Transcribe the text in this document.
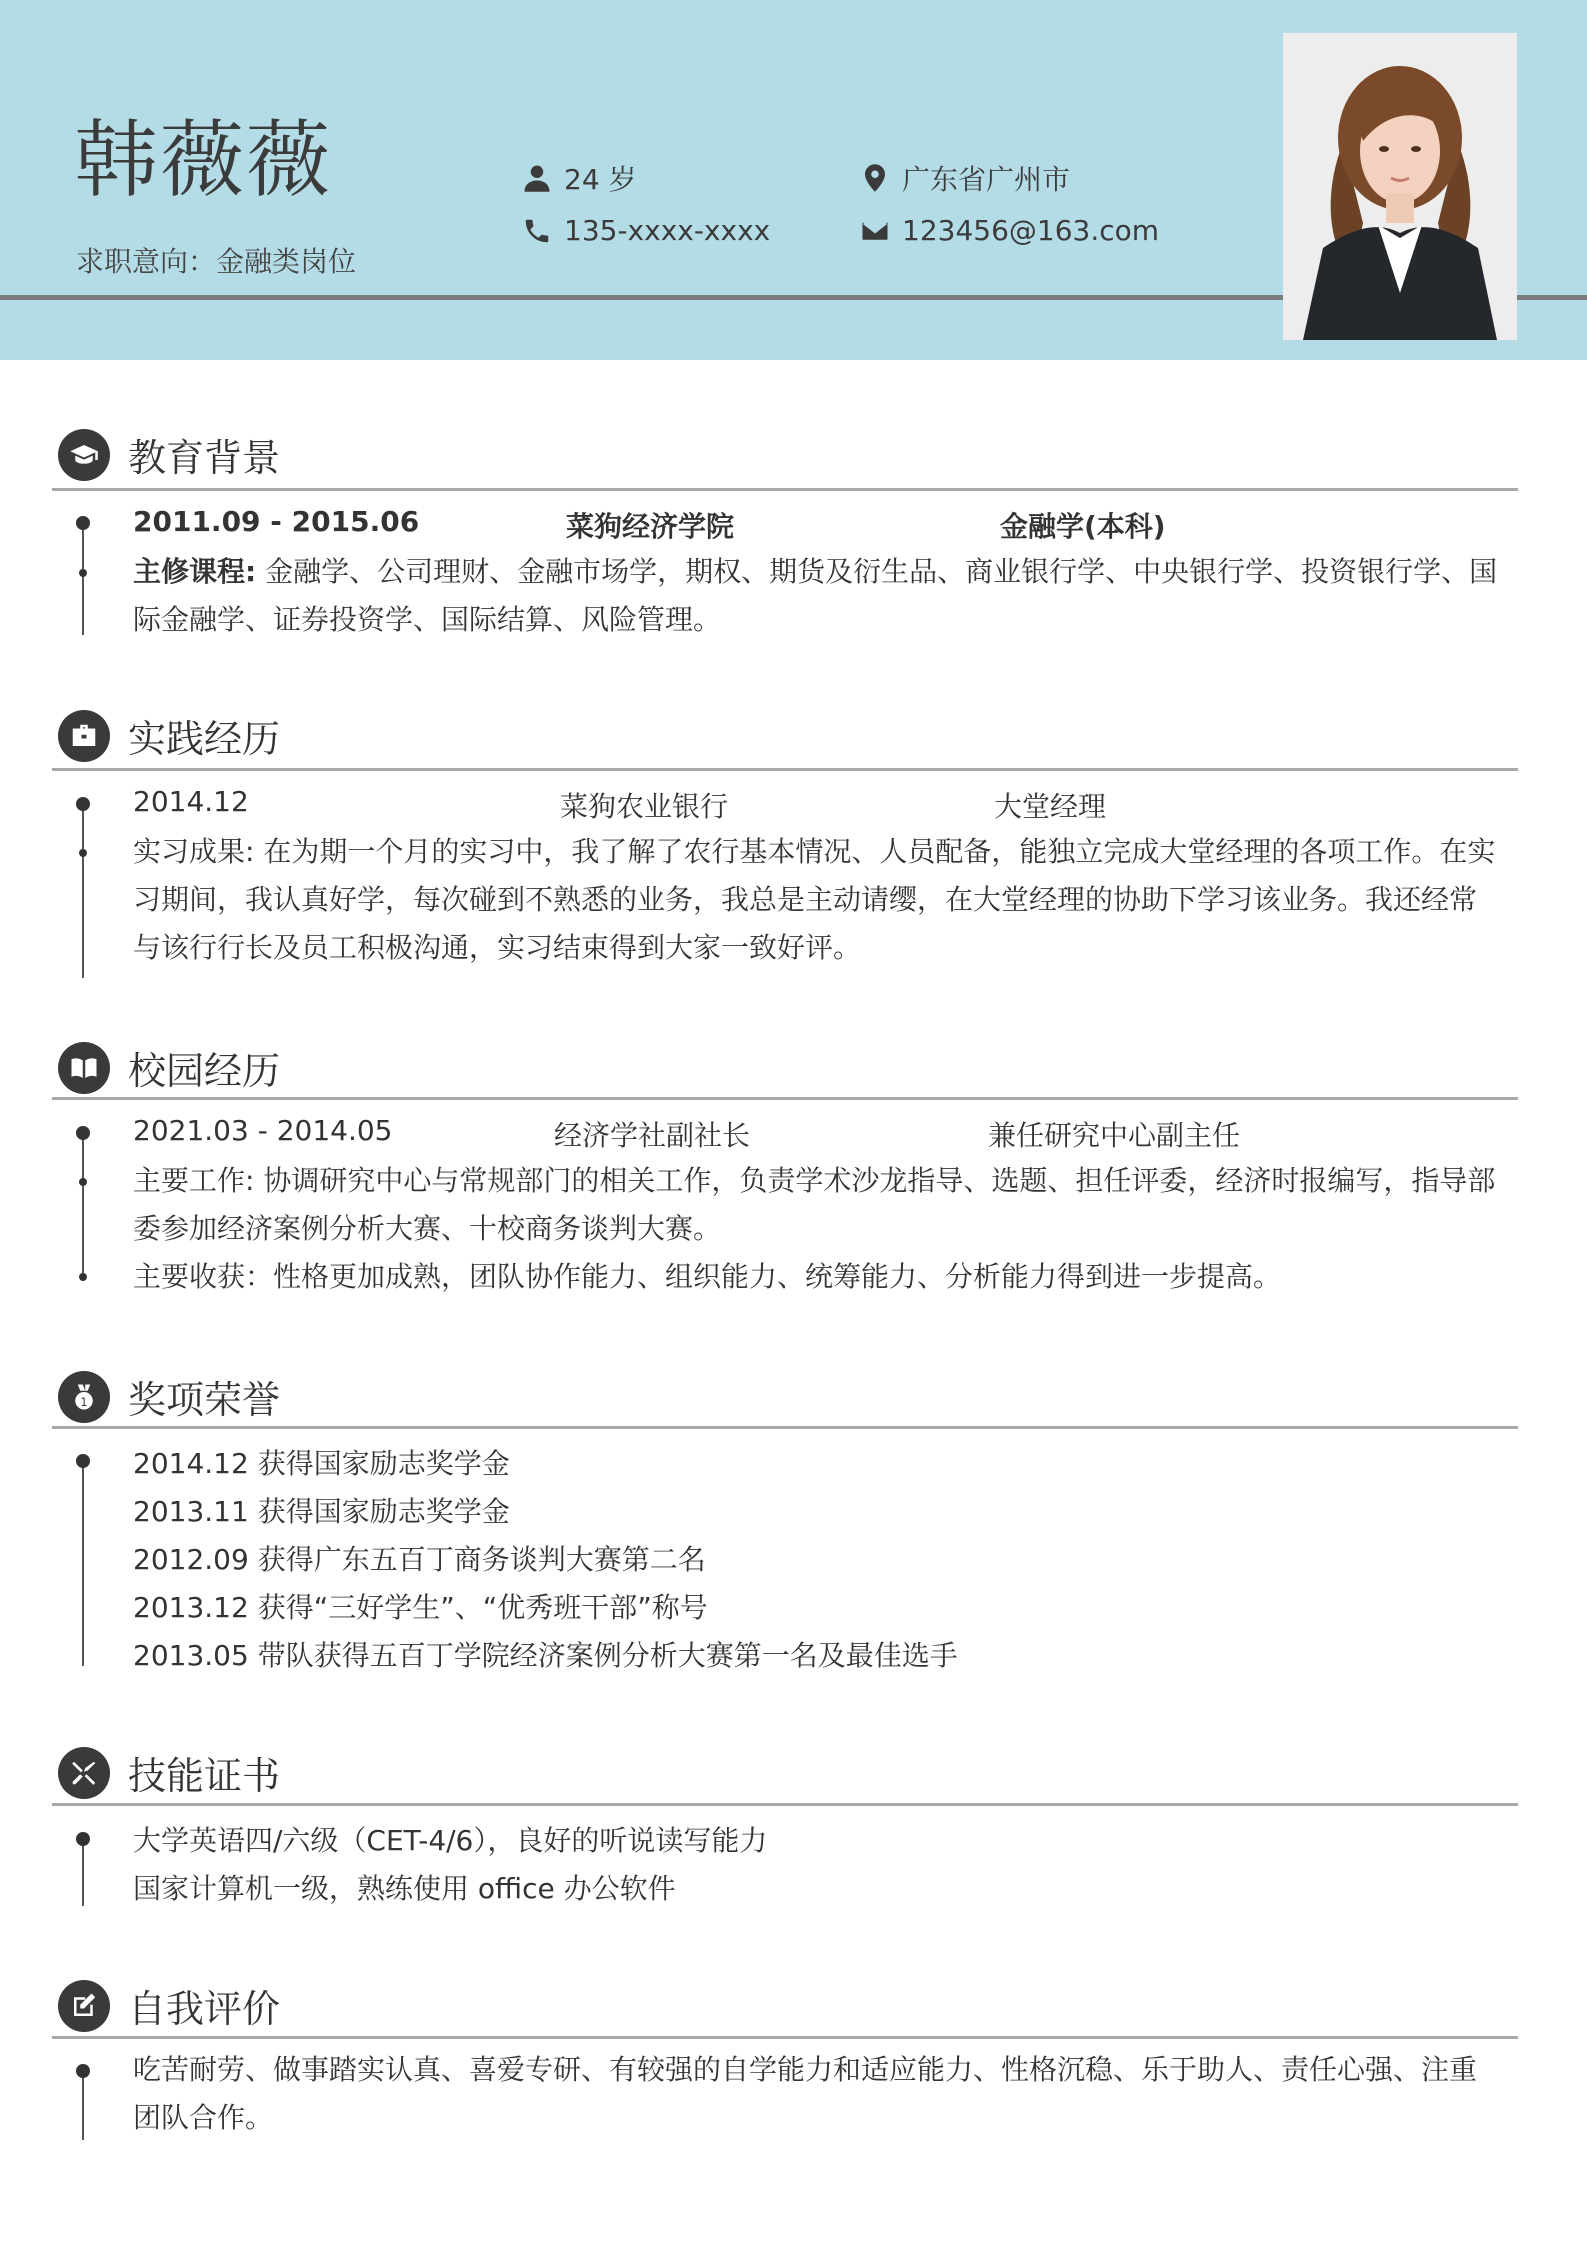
韩薇薇
求职意向：金融类岗位
24 岁
135-xxxx-xxxx
广东省广州市
123456@163.com
教育背景
2011.09 - 2015.06	菜狗经济学院	金融学(本科)
主修课程: 金融学、公司理财、金融市场学，期权、期货及衍生品、商业银行学、中央银行学、投资银行学、国际金融学、证券投资学、国际结算、风险管理。
实践经历
2014.12	菜狗农业银行	大堂经理
实习成果: 在为期一个月的实习中，我了解了农行基本情况、人员配备，能独立完成大堂经理的各项工作。在实习期间，我认真好学，每次碰到不熟悉的业务，我总是主动请缨，在大堂经理的协助下学习该业务。我还经常与该行行长及员工积极沟通，实习结束得到大家一致好评。
校园经历
2021.03 - 2014.05	经济学社副社长	兼任研究中心副主任
主要工作: 协调研究中心与常规部门的相关工作，负责学术沙龙指导、选题、担任评委，经济时报编写，指导部委参加经济案例分析大赛、十校商务谈判大赛。
主要收获：性格更加成熟，团队协作能力、组织能力、统筹能力、分析能力得到进一步提高。
1 奖项荣誉
2014.12 获得国家励志奖学金
2013.11 获得国家励志奖学金
2012.09 获得广东五百丁商务谈判大赛第二名
2013.12 获得“三好学生”、“优秀班干部”称号
2013.05 带队获得五百丁学院经济案例分析大赛第一名及最佳选手
技能证书
大学英语四/六级（CET-4/6），良好的听说读写能力
国家计算机一级，熟练使用 office 办公软件
自我评价
吃苦耐劳、做事踏实认真、喜爱专研、有较强的自学能力和适应能力、性格沉稳、乐于助人、责任心强、注重团队合作。
